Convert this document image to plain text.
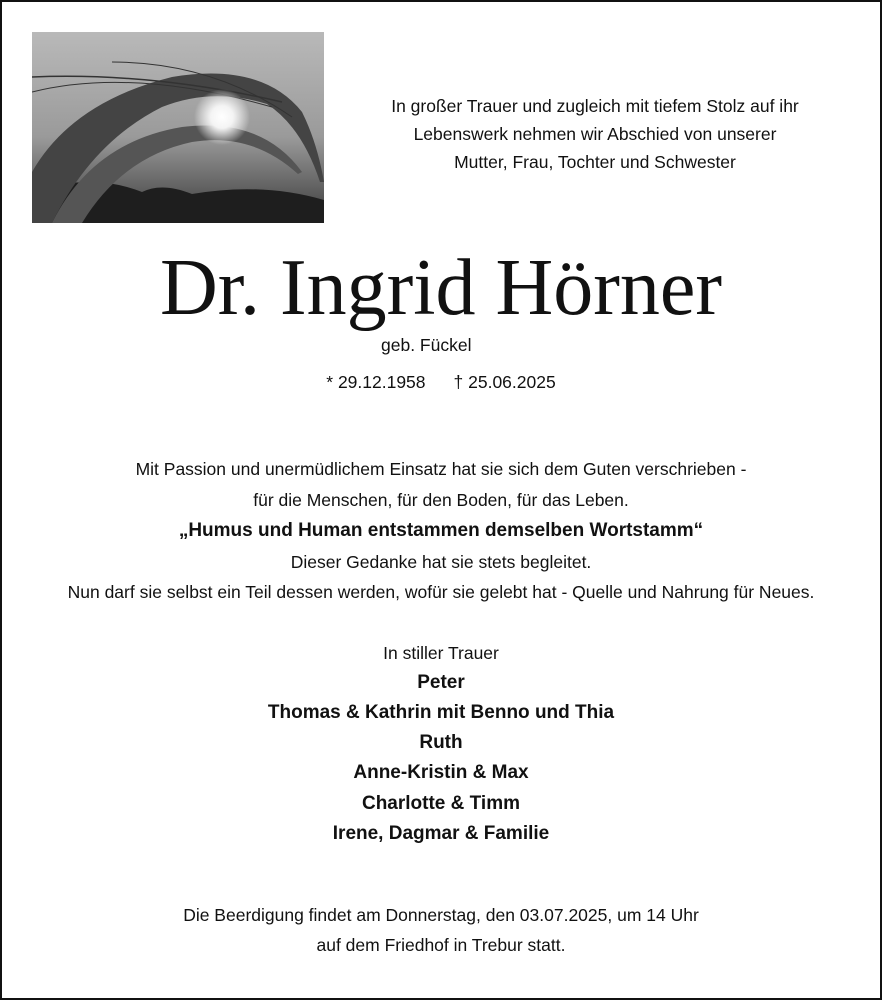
In großer Trauer und zugleich mit tiefem Stolz auf ihr
Lebenswerk nehmen wir Abschied von unserer
Mutter, Frau, Tochter und Schwester
Dr. Ingrid Hörner
geb. Fückel
* 29.12.1958 † 25.06.2025
Mit Passion und unermüdlichem Einsatz hat sie sich dem Guten verschrieben -
für die Menschen, für den Boden, für das Leben.
„Humus und Human entstammen demselben Wortstamm“
Dieser Gedanke hat sie stets begleitet.
Nun darf sie selbst ein Teil dessen werden, wofür sie gelebt hat - Quelle und Nahrung für Neues.
In stiller Trauer
Peter
Thomas & Kathrin mit Benno und Thia
Ruth
Anne-Kristin & Max
Charlotte & Timm
Irene, Dagmar & Familie
Die Beerdigung findet am Donnerstag, den 03.07.2025, um 14 Uhr
auf dem Friedhof in Trebur statt.
